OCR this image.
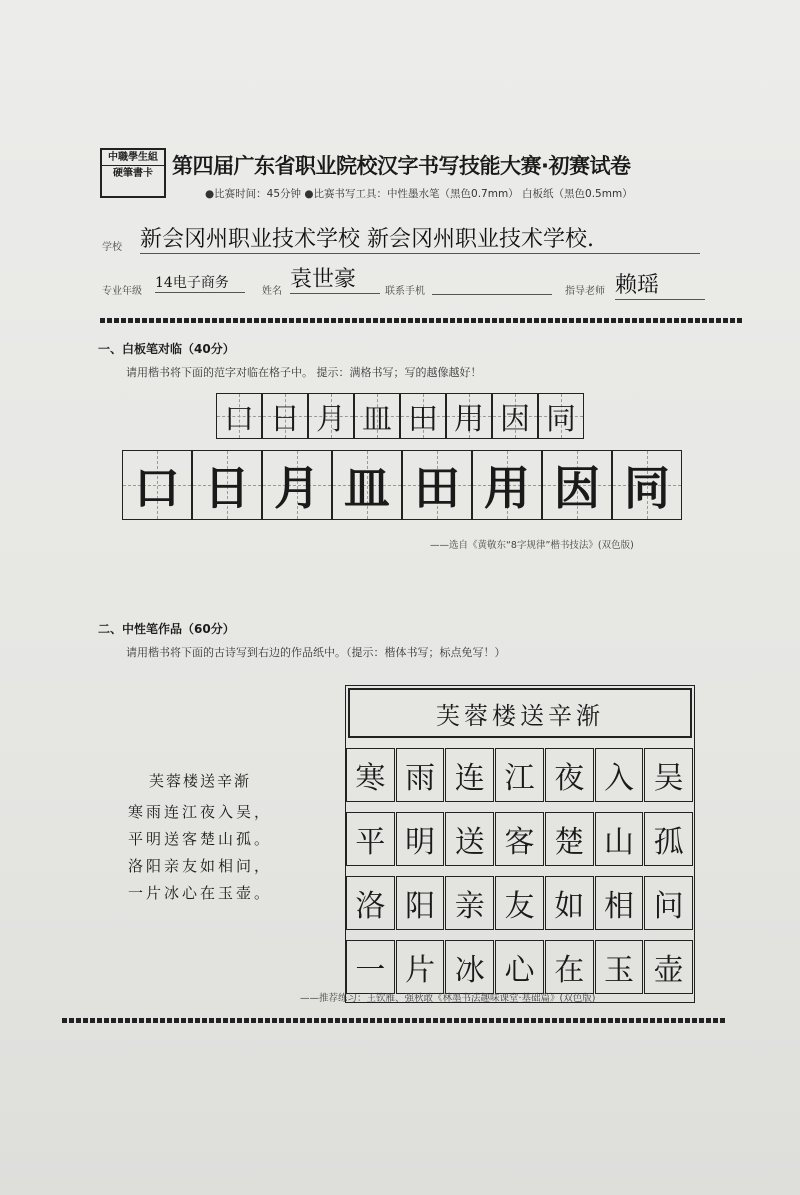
中職學生組
硬筆書卡 第四届广东省职业院校汉字书写技能大赛·初赛试卷
●比赛时间：45分钟 ●比赛书写工具：中性墨水笔（黑色0.7mm） 白板纸（黑色0.5mm）
学校 新会冈州职业技术学校 新会冈州职业技术学校.
专业年级
14电子商务
姓名 袁世豪	联系手机	指导老师 赖瑶
一、白板笔对临（40分）
请用楷书将下面的范字对临在格子中。 提示：满格书写；写的越像越好！
口 日 月 皿 田 用 因 同
口 日 月 皿 田 用 因 同
——选自《黄敬东“8字规律”楷书技法》(双色版)
二、中性笔作品（60分）
请用楷书将下面的古诗写到右边的作品纸中。（提示：楷体书写；标点免写！）
芙蓉楼送辛渐
寒雨连江夜入吴，
平明送客楚山孤。
洛阳亲友如相问，
一片冰心在玉壶。
芙蓉楼送辛渐
寒 雨 连 江 夜 入 吴
平 明 送 客 楚 山 孤
洛 阳 亲 友 如 相 问
一 片 冰 心 在 玉 壶
——推荐练习：王钦雁、强秋敢《林墨书法趣味课堂·基础篇》(双色版)
